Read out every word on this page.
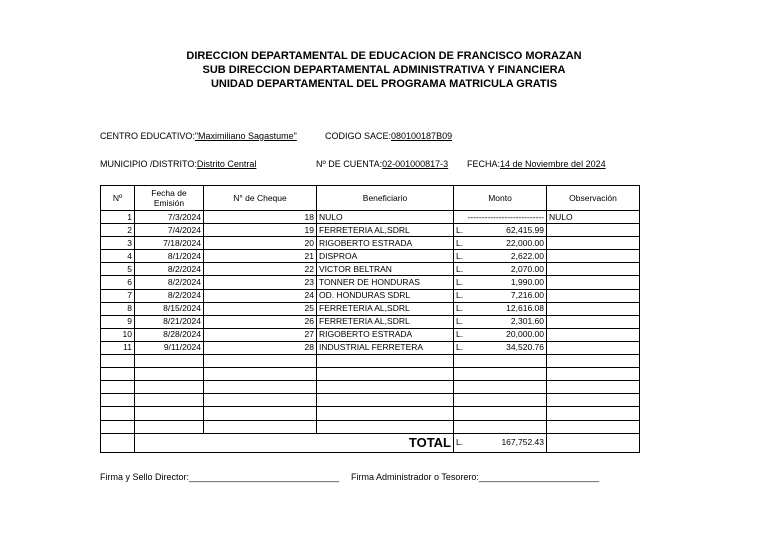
DIRECCION DEPARTAMENTAL DE EDUCACION DE FRANCISCO MORAZAN
SUB DIRECCION DEPARTAMENTAL ADMINISTRATIVA Y FINANCIERA
UNIDAD DEPARTAMENTAL DEL PROGRAMA MATRICULA GRATIS
CENTRO EDUCATIVO:"Maximiliano Sagastume"	CODIGO SACE:080100187B09
MUNICIPIO /DISTRITO:Distrito Central	Nº DE CUENTA:02-001000817-3 FECHA:14 de Noviembre del 2024
Nº	Fecha de Emisión	N° de Cheque	Beneficiario	Monto	Observación
1	7/3/2024	18	NULO	---------------------------	NULO
2	7/4/2024	19	FERRETERIA AL,SDRL	L. 62,415.99	

3	7/18/2024	20	RIGOBERTO ESTRADA	L. 22,000.00	

4	8/1/2024	21	DISPROA	L. 2,622.00	

5	8/2/2024	22	VICTOR BELTRAN	L. 2,070.00	

6	8/2/2024	23	TONNER DE HONDURAS	L. 1,990.00	

7	8/2/2024	24	OD. HONDURAS SDRL	L. 7,216.00	

8	8/15/2024	25	FERRETERIA AL,SDRL	L. 12,616.08	

9	8/21/2024	26	FERRETERIA AL,SDRL	L. 2,301.60	

10	8/28/2024	27	RIGOBERTO ESTRADA	L. 20,000.00	

11	9/11/2024	28	INDUSTRIAL FERRETERA	L. 34,520.76	

	TOTAL			L. 167,752.43	

Firma y Sello Director:______________________________ Firma Administrador o Tesorero:________________________
